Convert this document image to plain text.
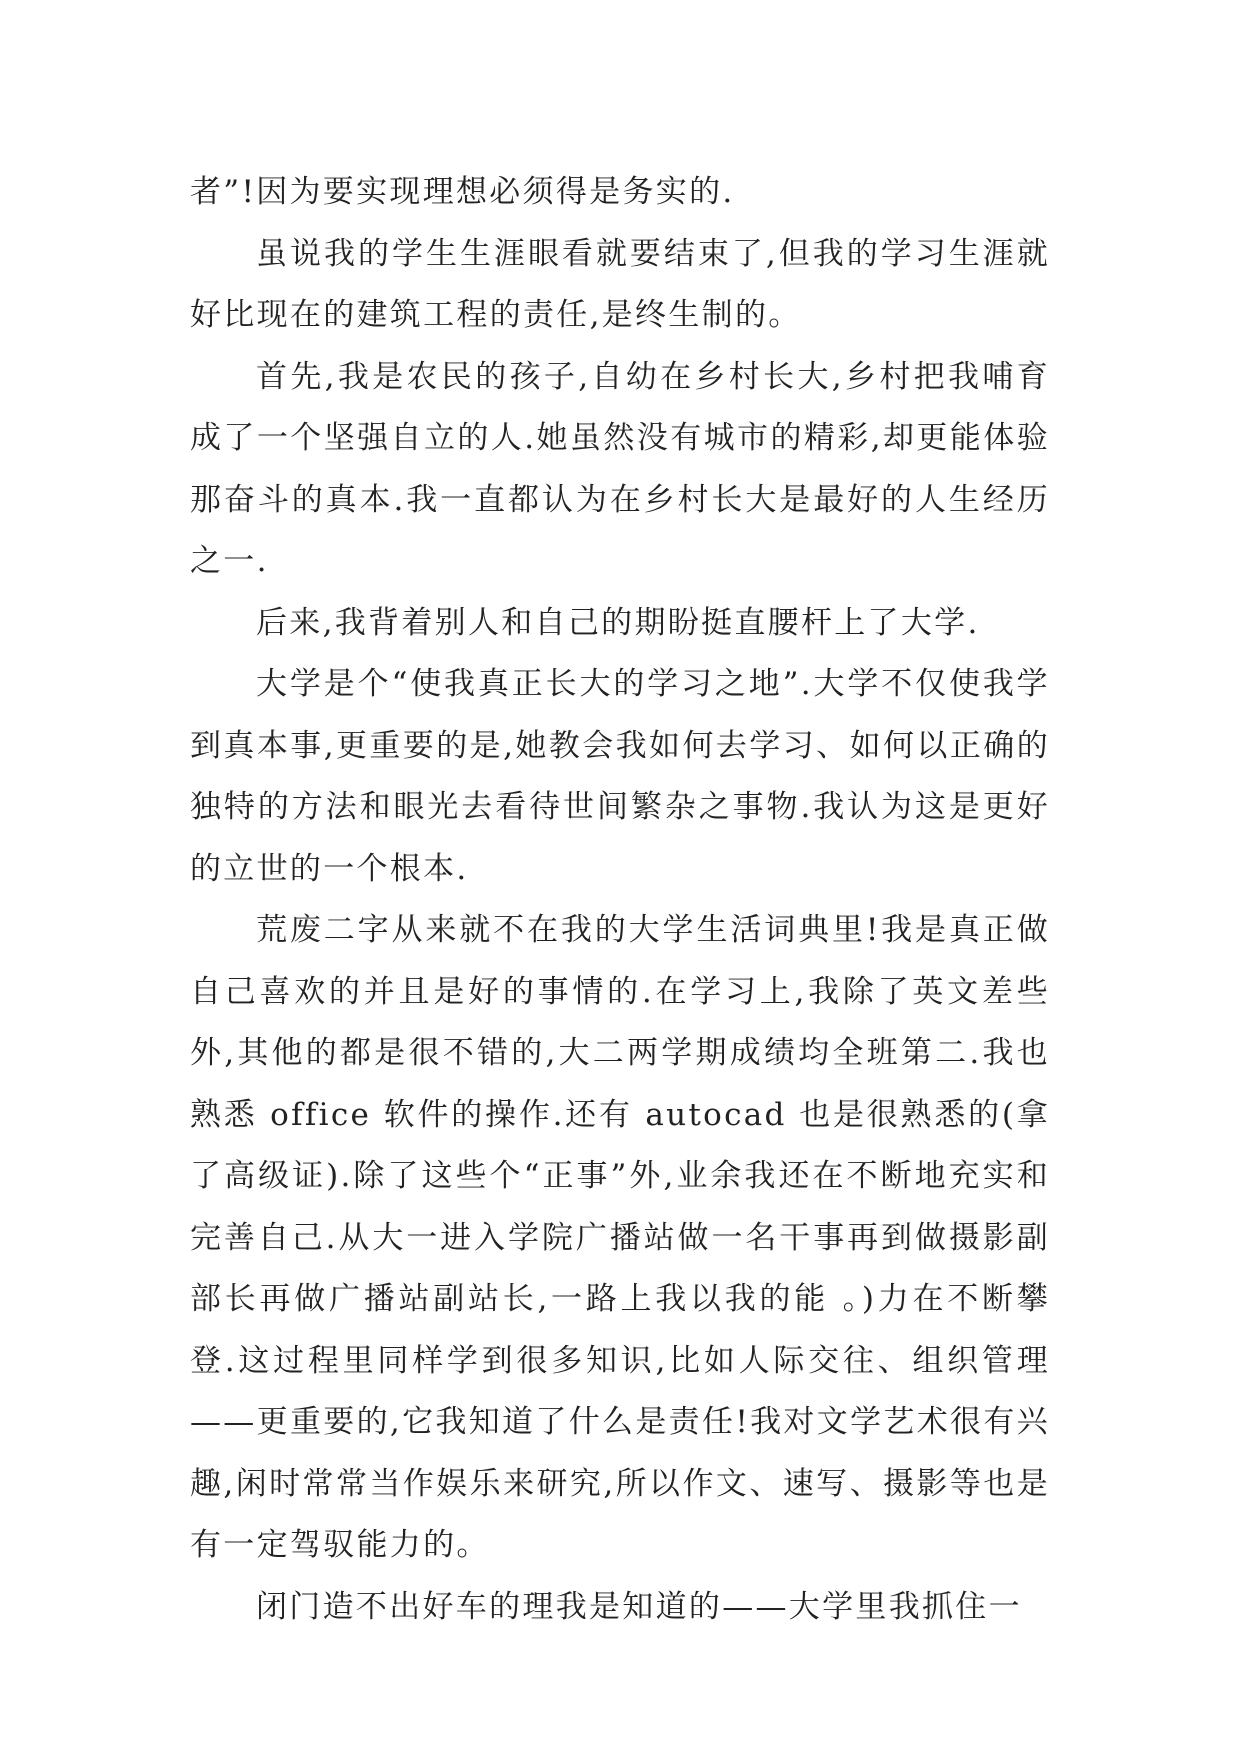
者”!因为要实现理想必须得是务实的.

虽说我的学生生涯眼看就要结束了,但我的学习生涯就好比现在的建筑工程的责任,是终生制的。

首先,我是农民的孩子,自幼在乡村长大,乡村把我哺育成了一个坚强自立的人.她虽然没有城市的精彩,却更能体验那奋斗的真本.我一直都认为在乡村长大是最好的人生经历之一.

后来,我背着别人和自己的期盼挺直腰杆上了大学.

大学是个“使我真正长大的学习之地”.大学不仅使我学到真本事,更重要的是,她教会我如何去学习、如何以正确的独特的方法和眼光去看待世间繁杂之事物.我认为这是更好的立世的一个根本.

荒废二字从来就不在我的大学生活词典里!我是真正做自己喜欢的并且是好的事情的.在学习上,我除了英文差些外,其他的都是很不错的,大二两学期成绩均全班第二.我也熟悉 office 软件的操作.还有 autocad 也是很熟悉的(拿了高级证).除了这些个“正事”外,业余我还在不断地充实和完善自己.从大一进入学院广播站做一名干事再到做摄影副部长再做广播站副站长,一路上我以我的能 。)力在不断攀登.这过程里同样学到很多知识,比如人际交往、组织管理——更重要的,它我知道了什么是责任!我对文学艺术很有兴趣,闲时常常当作娱乐来研究,所以作文、速写、摄影等也是有一定驾驭能力的。

闭门造不出好车的理我是知道的——大学里我抓住一
